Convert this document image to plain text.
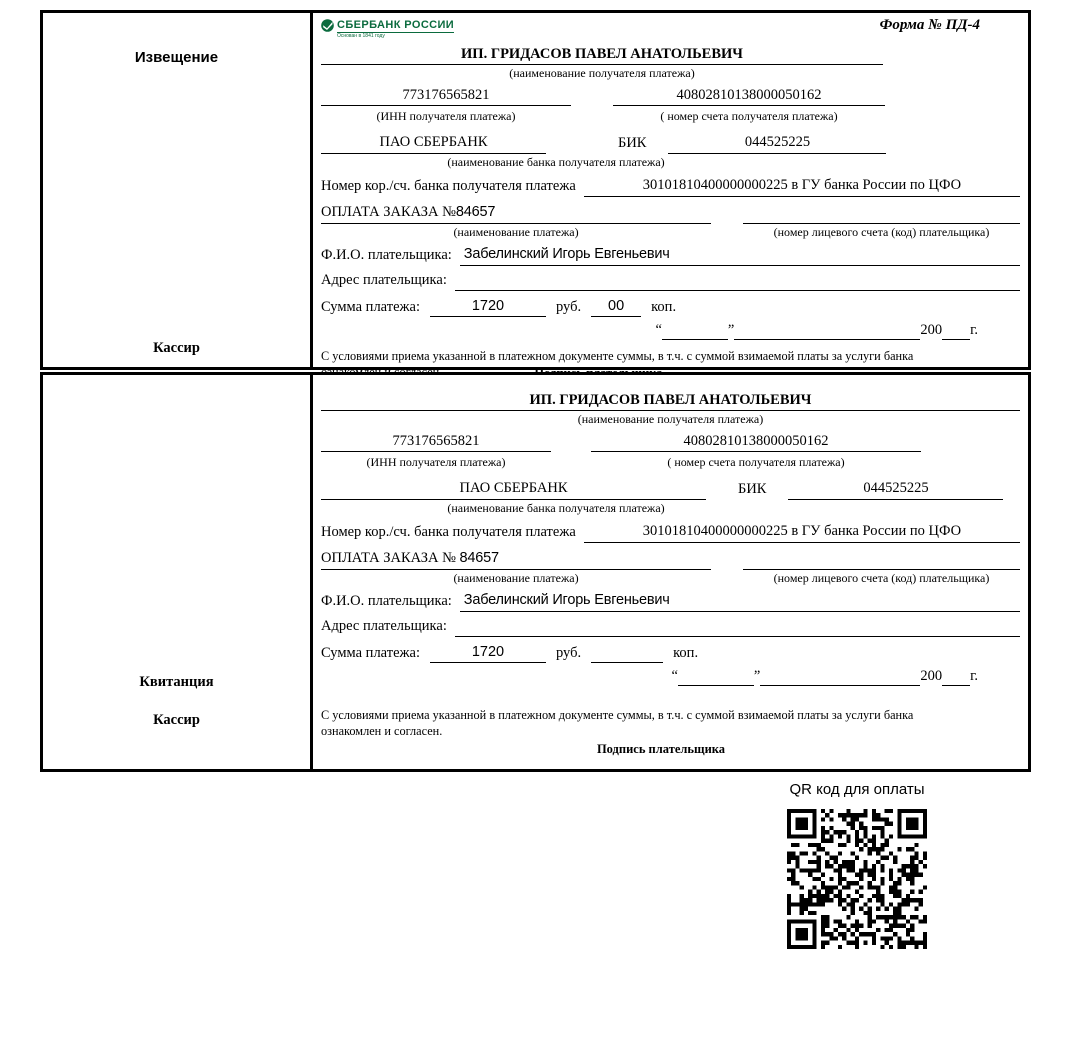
Извещение
Кассир
СБЕРБАНК РОССИИ
Основан в 1841 году
Форма № ПД-4
ИП. ГРИДАСОВ ПАВЕЛ АНАТОЛЬЕВИЧ
(наименование получателя платежа)
773176565821	40802810138000050162
(ИНН получателя платежа)	( номер счета получателя платежа)
ПАО СБЕРБАНК	БИК	044525225
(наименование банка получателя платежа)
Номер кор./сч. банка получателя платежа	30101810400000000225 в ГУ банка России по ЦФО
ОПЛАТА ЗАКАЗА №84657
(наименование платежа)	(номер лицевого счета (код) плательщика)
Ф.И.О. плательщика: Забелинский Игорь Евгеньевич
Адрес плательщика:
Сумма платежа:	1720	руб.	00	коп.
“	”	200 г.
С условиями приема указанной в платежном документе суммы, в т.ч. с суммой взимаемой платы за услуги банка
Квитанция
Кассир
ИП. ГРИДАСОВ ПАВЕЛ АНАТОЛЬЕВИЧ
(наименование получателя платежа)
773176565821	40802810138000050162
(ИНН получателя платежа)	( номер счета получателя платежа)
ПАО СБЕРБАНК	БИК	044525225
(наименование банка получателя платежа)
Номер кор./сч. банка получателя платежа	30101810400000000225 в ГУ банка России по ЦФО
ОПЛАТА ЗАКАЗА № 84657
(наименование платежа)	(номер лицевого счета (код) плательщика)
Ф.И.О. плательщика: Забелинский Игорь Евгеньевич
Адрес плательщика:
Сумма платежа:	1720	руб.	коп.
“	”	200 г.
С условиями приема указанной в платежном документе суммы, в т.ч. с суммой взимаемой платы за услуги банка
ознакомлен и согласен.
Подпись плательщика
QR код для оплаты
